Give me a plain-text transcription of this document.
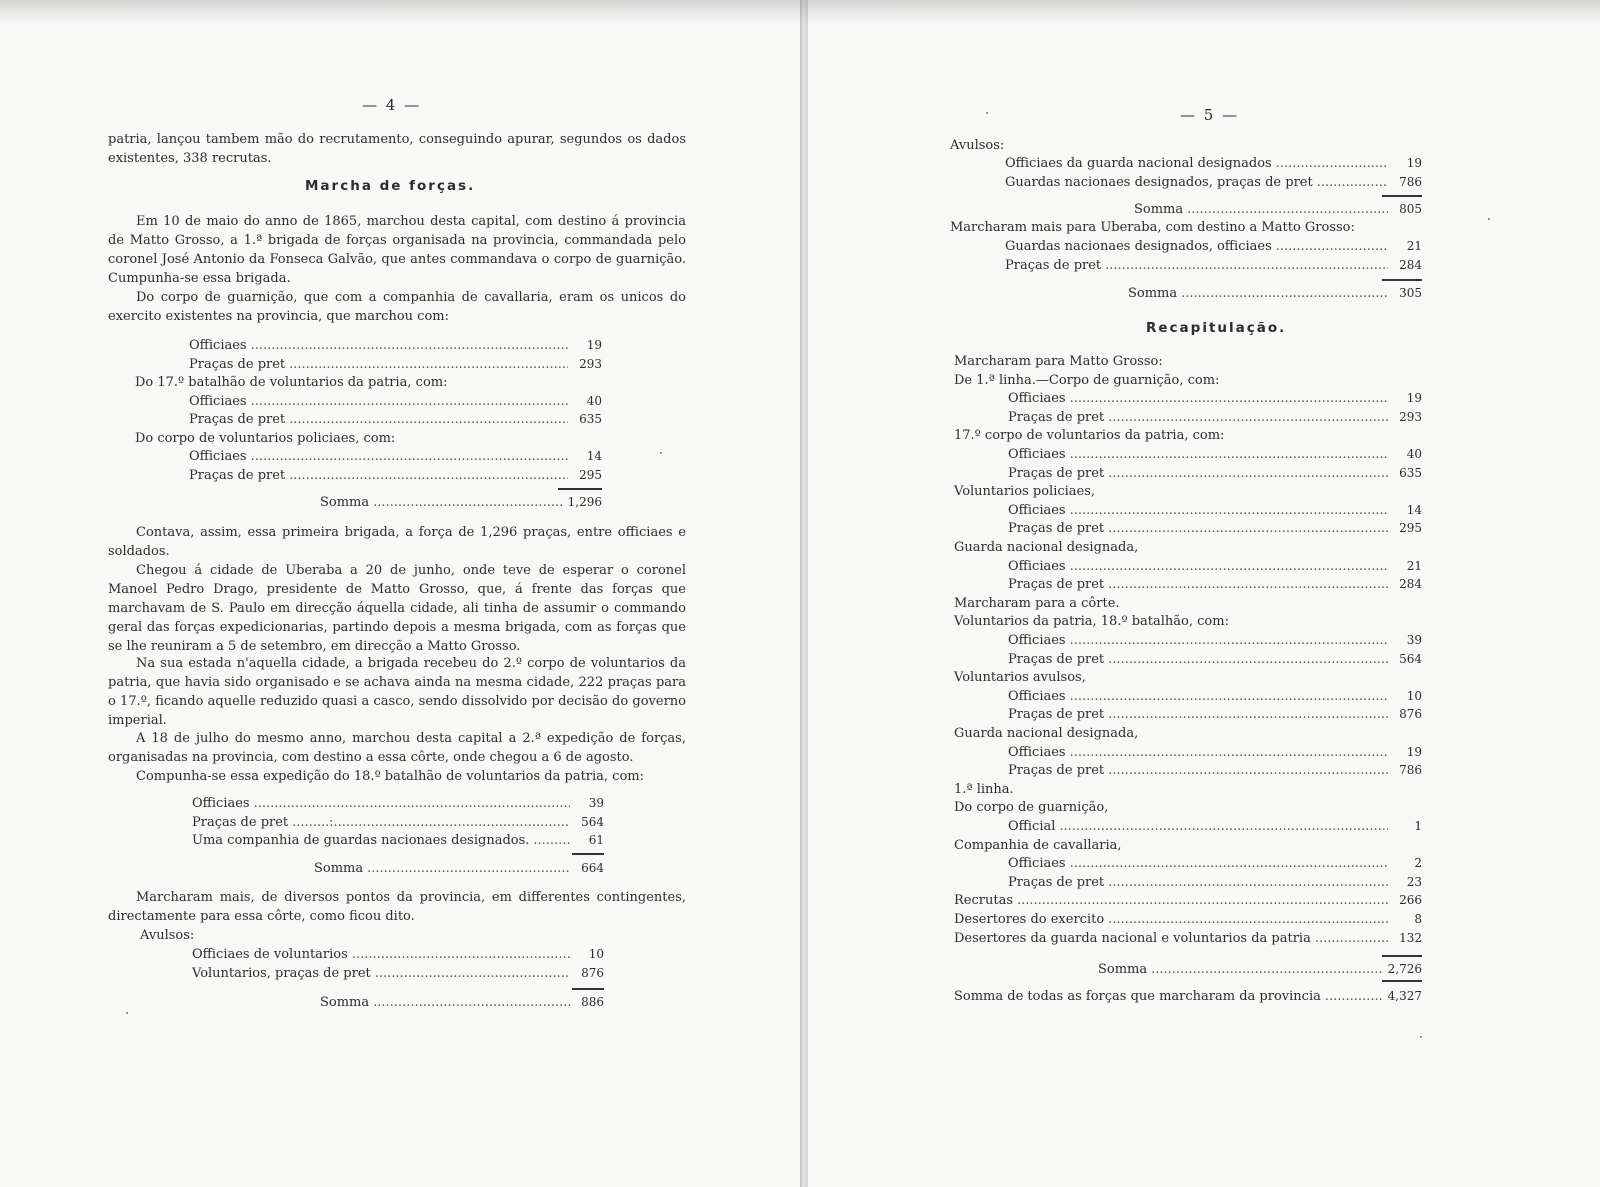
— 4 —
patria, lançou tambem mão do recrutamento, conseguindo apurar, segundos os dados existentes, 338 recrutas.
Marcha de forças.
Em 10 de maio do anno de 1865, marchou desta capital, com destino á provincia de Matto Grosso, a 1.ª brigada de forças organisada na provincia, commandada pelo coronel José Antonio da Fonseca Galvão, que antes commandava o corpo de guarnição. Cumpunha-se essa brigada.
Do corpo de guarnição, que com a companhia de cavallaria, eram os unicos do exercito existentes na provincia, que marchou com:
Officiaes .....	19
Praças de pret .....	293
Do 17.º batalhão de voluntarios da patria, com:
Officiaes .....	40
Praças de pret .....	635
Do corpo de voluntarios policiaes, com:
Officiaes .....	14
Praças de pret .....	295
Somma .....	1,296
Contava, assim, essa primeira brigada, a força de 1,296 praças, entre officiaes e soldados.
Chegou á cidade de Uberaba a 20 de junho, onde teve de esperar o coronel Manoel Pedro Drago, presidente de Matto Grosso, que, á frente das forças que marchavam de S. Paulo em direcção áquella cidade, ali tinha de assumir o commando geral das forças expedicionarias, partindo depois a mesma brigada, com as forças que se lhe reuniram a 5 de setembro, em direcção a Matto Grosso.
Na sua estada n'aquella cidade, a brigada recebeu do 2.º corpo de voluntarios da patria, que havia sido organisado e se achava ainda na mesma cidade, 222 praças para o 17.º, ficando aquelle reduzido quasi a casco, sendo dissolvido por decisão do governo imperial.
A 18 de julho do mesmo anno, marchou desta capital a 2.ª expedição de forças, organisadas na provincia, com destino a essa côrte, onde chegou a 6 de agosto.
Compunha-se essa expedição do 18.º batalhão de voluntarios da patria, com:
Officiaes .....	39
Praças de pret .....	564
Uma companhia de guardas nacionaes designados. .....	61
Somma .....	664
Marcharam mais, de diversos pontos da provincia, em differentes contingentes, directamente para essa côrte, como ficou dito.
Avulsos:
Officiaes de voluntarios .....	10
Voluntarios, praças de pret .....	876
Somma .....	886
— 5 —
Avulsos:
Officiaes da guarda nacional designados .....	19
Guardas nacionaes designados, praças de pret .....	786
Somma .....	805
Marcharam mais para Uberaba, com destino a Matto Grosso:
Guardas nacionaes designados, officiaes .....	21
Praças de pret .....	284
Somma .....	305
Recapitulação.
Marcharam para Matto Grosso:
De 1.ª linha.—Corpo de guarnição, com:
Officiaes .....	19
Praças de pret .....	293
17.º corpo de voluntarios da patria, com:
Officiaes .....	40
Praças de pret .....	635
Voluntarios policiaes,
Officiaes .....	14
Praças de pret .....	295
Guarda nacional designada,
Officiaes .....	21
Praças de pret .....	284
Marcharam para a côrte.
Voluntarios da patria, 18.º batalhão, com:
Officiaes .....	39
Praças de pret .....	564
Voluntarios avulsos,
Officiaes .....	10
Praças de pret .....	876
Guarda nacional designada,
Officiaes .....	19
Praças de pret .....	786
1.ª linha.
Do corpo de guarnição,
Official .....	1
Companhia de cavallaria,
Officiaes .....	2
Praças de pret .....	23
Recrutas .....	266
Desertores do exercito .....	8
Desertores da guarda nacional e voluntarios da patria .....	132
Somma .....	2,726
Somma de todas as forças que marcharam da provincia .....	4,327
